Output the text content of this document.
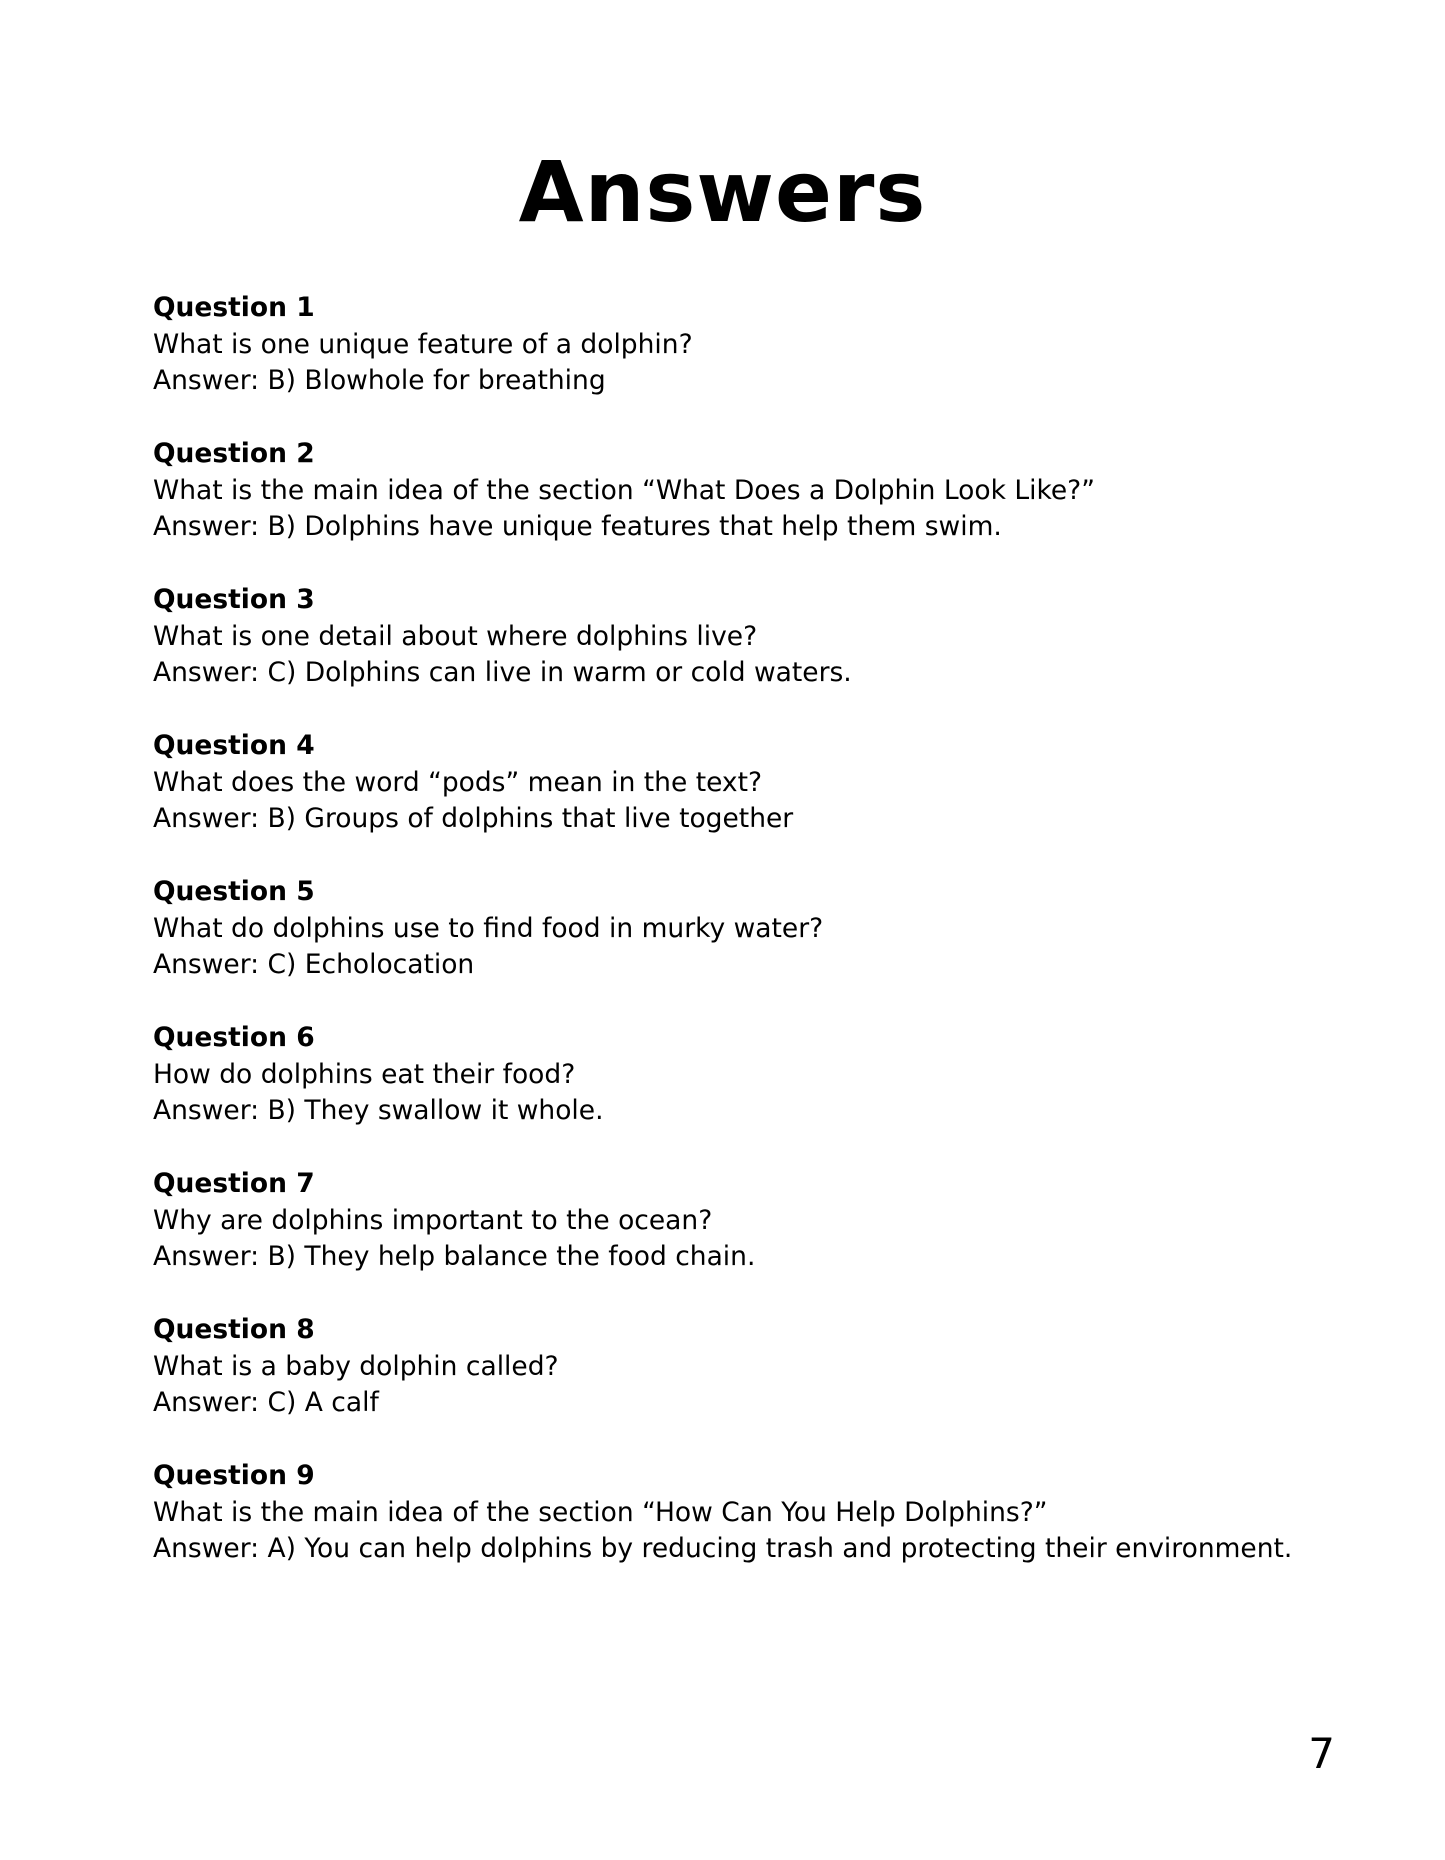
Answers
Question 1
What is one unique feature of a dolphin?
Answer: B) Blowhole for breathing
Question 2
What is the main idea of the section “What Does a Dolphin Look Like?”
Answer: B) Dolphins have unique features that help them swim.
Question 3
What is one detail about where dolphins live?
Answer: C) Dolphins can live in warm or cold waters.
Question 4
What does the word “pods” mean in the text?
Answer: B) Groups of dolphins that live together
Question 5
What do dolphins use to find food in murky water?
Answer: C) Echolocation
Question 6
How do dolphins eat their food?
Answer: B) They swallow it whole.
Question 7
Why are dolphins important to the ocean?
Answer: B) They help balance the food chain.
Question 8
What is a baby dolphin called?
Answer: C) A calf
Question 9
What is the main idea of the section “How Can You Help Dolphins?”
Answer: A) You can help dolphins by reducing trash and protecting their environment.
7
